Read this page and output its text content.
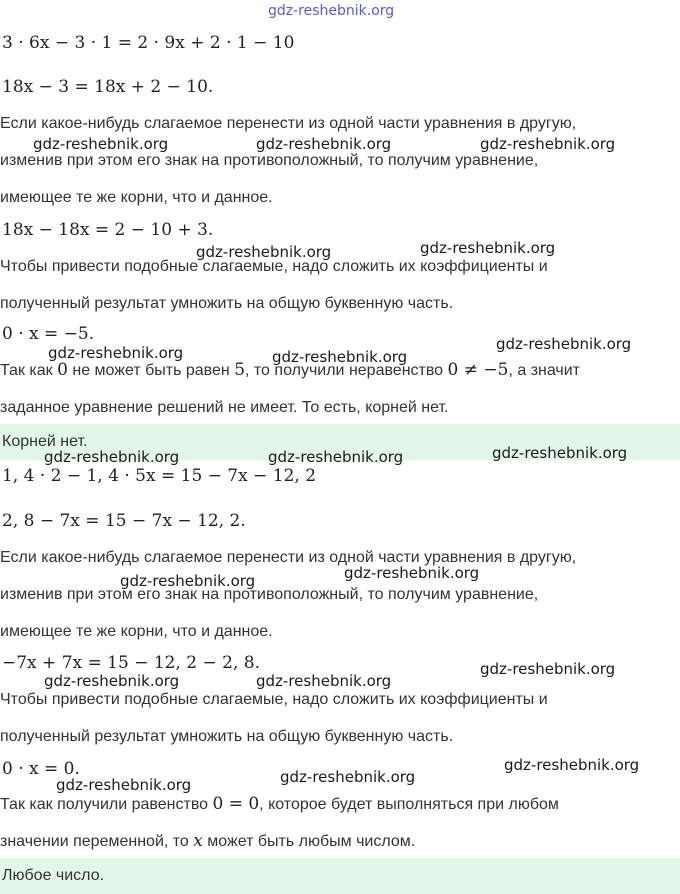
gdz-reshebnik.org
3 · 6x − 3 · 1 = 2 · 9x + 2 · 1 − 10
18x − 3 = 18x + 2 − 10.
Если какое-нибудь слагаемое перенести из одной части уравнения в другую,
изменив при этом его знак на противоположный, то получим уравнение,
имеющее те же корни, что и данное.
18x − 18x = 2 − 10 + 3.
Чтобы привести подобные слагаемые, надо сложить их коэффициенты и
полученный результат умножить на общую буквенную часть.
0 · x = −5.
Так как 0 не может быть равен 5, то получили неравенство 0 ≠ −5, а значит
заданное уравнение решений не имеет. То есть, корней нет.
Корней нет.
1, 4 · 2 − 1, 4 · 5x = 15 − 7x − 12, 2
2, 8 − 7x = 15 − 7x − 12, 2.
Если какое-нибудь слагаемое перенести из одной части уравнения в другую,
изменив при этом его знак на противоположный, то получим уравнение,
имеющее те же корни, что и данное.
−7x + 7x = 15 − 12, 2 − 2, 8.
Чтобы привести подобные слагаемые, надо сложить их коэффициенты и
полученный результат умножить на общую буквенную часть.
0 · x = 0.
Так как получили равенство 0 = 0, которое будет выполняться при любом
значении переменной, то x может быть любым числом.
Любое число.
gdz-reshebnik.org	gdz-reshebnik.org	gdz-reshebnik.org
gdz-reshebnik.org	gdz-reshebnik.org
gdz-reshebnik.org	gdz-reshebnik.org
gdz-reshebnik.org
gdz-reshebnik.org	gdz-reshebnik.org	gdz-reshebnik.org
gdz-reshebnik.org	gdz-reshebnik.org
gdz-reshebnik.org	gdz-reshebnik.org
gdz-reshebnik.org
gdz-reshebnik.org	gdz-reshebnik.org
gdz-reshebnik.org
